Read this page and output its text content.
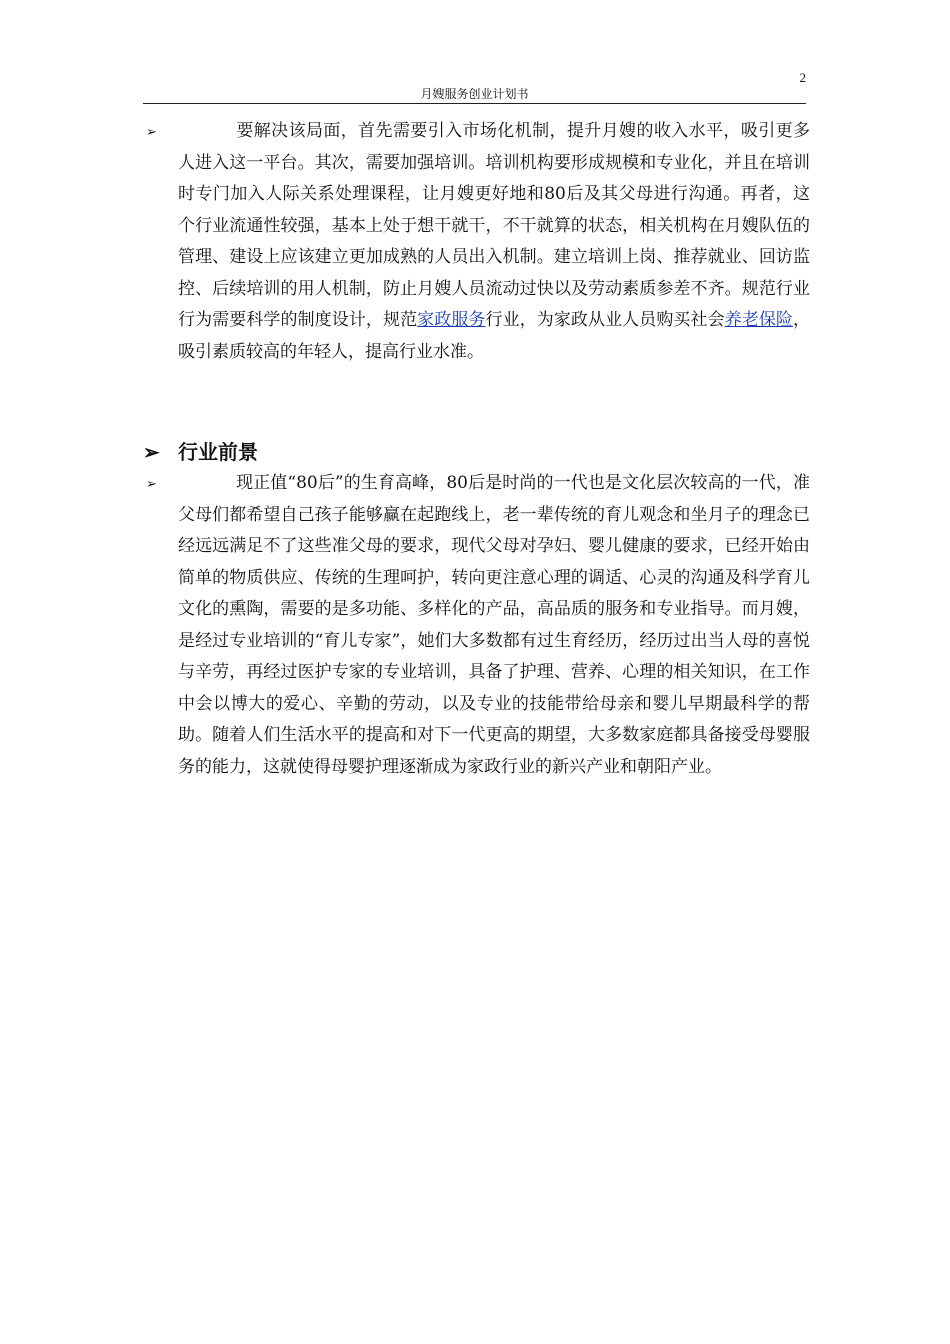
2
月嫂服务创业计划书
➢	要解决该局面，首先需要引入市场化机制，提升月嫂的收入水平，吸引更多人进入这一平台。其次，需要加强培训。培训机构要形成规模和专业化，并且在培训时专门加入人际关系处理课程，让月嫂更好地和80后及其父母进行沟通。再者，这个行业流通性较强，基本上处于想干就干，不干就算的状态，相关机构在月嫂队伍的管理、建设上应该建立更加成熟的人员出入机制。建立培训上岗、推荐就业、回访监控、后续培训的用人机制，防止月嫂人员流动过快以及劳动素质参差不齐。规范行业行为需要科学的制度设计，规范家政服务行业，为家政从业人员购买社会养老保险，吸引素质较高的年轻人，提高行业水准。

➢ 行业前景
➢	现正值“80后”的生育高峰，80后是时尚的一代也是文化层次较高的一代，准父母们都希望自己孩子能够赢在起跑线上，老一辈传统的育儿观念和坐月子的理念已经远远满足不了这些准父母的要求，现代父母对孕妇、婴儿健康的要求，已经开始由简单的物质供应、传统的生理呵护，转向更注意心理的调适、心灵的沟通及科学育儿文化的熏陶，需要的是多功能、多样化的产品，高品质的服务和专业指导。而月嫂，是经过专业培训的“育儿专家”，她们大多数都有过生育经历，经历过出当人母的喜悦与辛劳，再经过医护专家的专业培训，具备了护理、营养、心理的相关知识，在工作中会以博大的爱心、辛勤的劳动，以及专业的技能带给母亲和婴儿早期最科学的帮助。随着人们生活水平的提高和对下一代更高的期望，大多数家庭都具备接受母婴服务的能力，这就使得母婴护理逐渐成为家政行业的新兴产业和朝阳产业。
